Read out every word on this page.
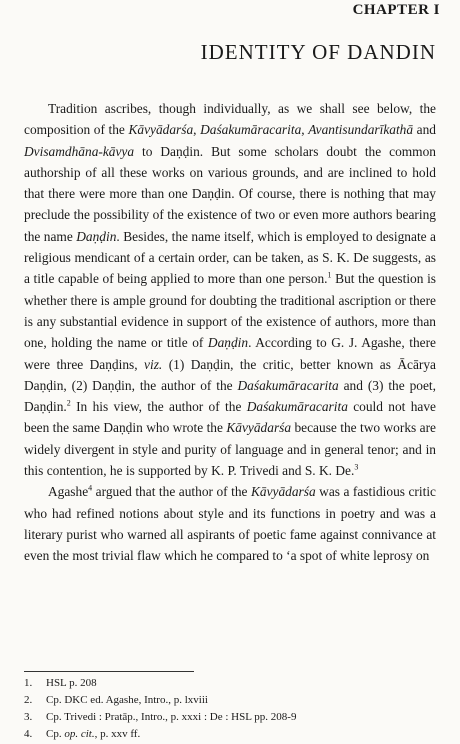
CHAPTER I
IDENTITY OF DANDIN

Tradition ascribes, though individually, as we shall see below, the composition of the Kāvyādarśa, Daśakumāracarita, Avantisundarīkathā and Dvisamdhāna-kāvya to Daṇḍin. But some scholars doubt the common authorship of all these works on various grounds, and are inclined to hold that there were more than one Daṇḍin. Of course, there is nothing that may preclude the possibility of the existence of two or even more authors bearing the name Daṇḍin. Besides, the name itself, which is employed to designate a religious mendicant of a certain order, can be taken, as S. K. De suggests, as a title capable of being applied to more than one person.$^1$ But the question is whether there is ample ground for doubting the traditional ascription or there is any substantial evidence in support of the existence of authors, more than one, holding the name or title of Daṇḍin. According to G. J. Agashe, there were three Daṇḍins, viz. (1) Daṇḍin, the critic, better known as Ācārya Daṇḍin, (2) Daṇḍin, the author of the Daśakumāracarita and (3) the poet, Daṇḍin.$^2$ In his view, the author of the Daśakumāracarita could not have been the same Daṇḍin who wrote the Kāvyādarśa because the two works are widely divergent in style and purity of language and in general tenor; and in this contention, he is supported by K. P. Trivedi and S. K. De.$^3$

Agashe$^4$ argued that the author of the Kāvyādarśa was a fastidious critic who had refined notions about style and its functions in poetry and was a literary purist who warned all aspirants of poetic fame against connivance at even the most trivial flaw which he compared to ‘a spot of white leprosy on

1.	HSL p. 208
2.	Cp. DKC ed. Agashe, Intro., p. lxviii
3.	Cp. Trivedi : Pratāp., Intro., p. xxxi : De : HSL pp. 208-9
4.	Cp. op. cit., p. xxv ff.
